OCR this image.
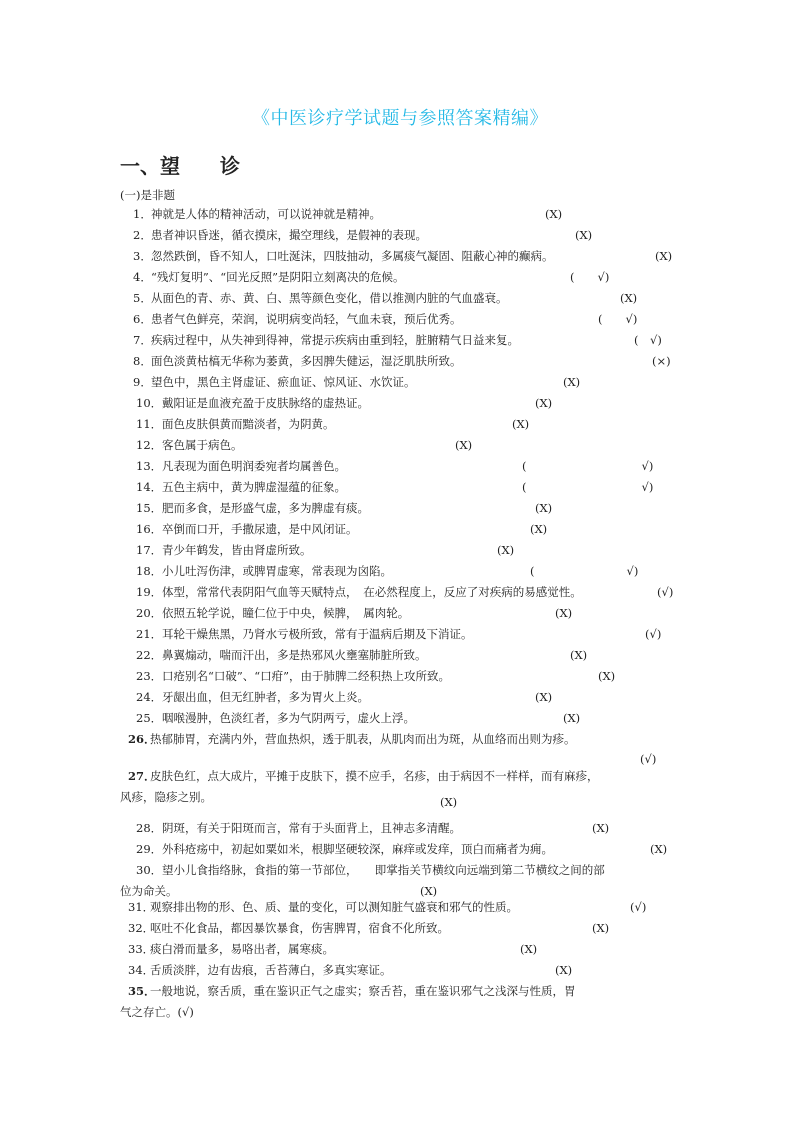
《中医诊疗学试题与参照答案精编》
一、望　　诊
(一)是非题
1． 神就是人体的精神活动，可以说神就是精神。	(X)
2． 患者神识昏迷，循衣摸床，撮空理线，是假神的表现。	(X)
3． 忽然跌倒，昏不知人，口吐涎沫，四肢抽动，多属痰气凝固、阻蔽心神的癫病。	(X)
4． “残灯复明”、“回光反照”是阴阳立刻离决的危候。	(　　√)
5． 从面色的青、赤、黄、白、黑等颜色变化，借以推测内脏的气血盛衰。	(X)
6． 患者气色鲜亮，荣润，说明病变尚轻，气血未衰，预后优秀。	(　　√)
7． 疾病过程中，从失神到得神，常提示疾病由重到轻，脏腑精气日益来复。	(　√)
8． 面色淡黄枯槁无华称为萎黄，多因脾失健运，湿泛肌肤所致。	(×)
9． 望色中，黑色主肾虚证、瘀血证、惊风证、水饮证。	(X)
10． 戴阳证是血液充盈于皮肤脉络的虚热证。	(X)
11． 面色皮肤俱黄而黯淡者，为阴黄。	(X)
12． 客色属于病色。	(X)
13． 凡表现为面色明润委宛者均属善色。	(　　　　　　　　　　√)
14． 五色主病中，黄为脾虚湿蕴的征象。	(　　　　　　　　　　√)
15． 肥而多食，是形盛气虚，多为脾虚有痰。	(X)
16． 卒倒而口开，手撒尿遗，是中风闭证。	(X)
17． 青少年鹤发，皆由肾虚所致。	(X)
18． 小儿吐泻伤津，或脾胃虚寒，常表现为囟陷。	(　　　　　　　　√)
19． 体型，常常代表阴阳气血等天赋特点，　在必然程度上，反应了对疾病的易感觉性。	(√)
20． 依照五轮学说，瞳仁位于中央，候脾，　属肉轮。	(X)
21． 耳轮干燥焦黑，乃肾水亏极所致，常有于温病后期及下消证。	(√)
22． 鼻翼煽动，喘而汗出，多是热邪风火壅塞肺脏所致。	(X)
23． 口疮别名“口破”、“口疳”，由于肺脾二经积热上攻所致。	(X)
24． 牙龈出血，但无红肿者，多为胃火上炎。	(X)
25． 咽喉漫肿，色淡红者，多为气阴两亏，虚火上浮。	(X)
26．
热郁肺胃，充满内外，营血热炽，透于肌表，从肌肉而出为斑，从血络而出则为疹。
(√)
27．
皮肤色红，点大成片，平摊于皮肤下，摸不应手，名疹，由于病因不一样样，而有麻疹，
风疹，隐疹之别。	(X)
28． 阴斑，有关于阳斑而言，常有于头面背上，且神志多清醒。	(X)
29． 外科疮疡中，初起如粟如米，根脚坚硬较深，麻痒或发痒，顶白而痛者为痈。	(X)
30． 望小儿食指络脉，食指的第一节部位，　　即掌指关节横纹向远端到第二节横纹之间的部
位为命关。	(X)
31．
观察排出物的形、色、质、量的变化，可以测知脏气盛衰和邪气的性质。	(√)
32．
呕吐不化食品，都因暴饮暴食，伤害脾胃，宿食不化所致。	(X)
33．
痰白滑而量多，易咯出者，属寒痰。	(X)
34．
舌质淡胖，边有齿痕，舌苔薄白，多真实寒证。	(X)
35．
一般地说，察舌质，重在鉴识正气之虚实；察舌苔，重在鉴识邪气之浅深与性质，胃
气之存亡。(√)
